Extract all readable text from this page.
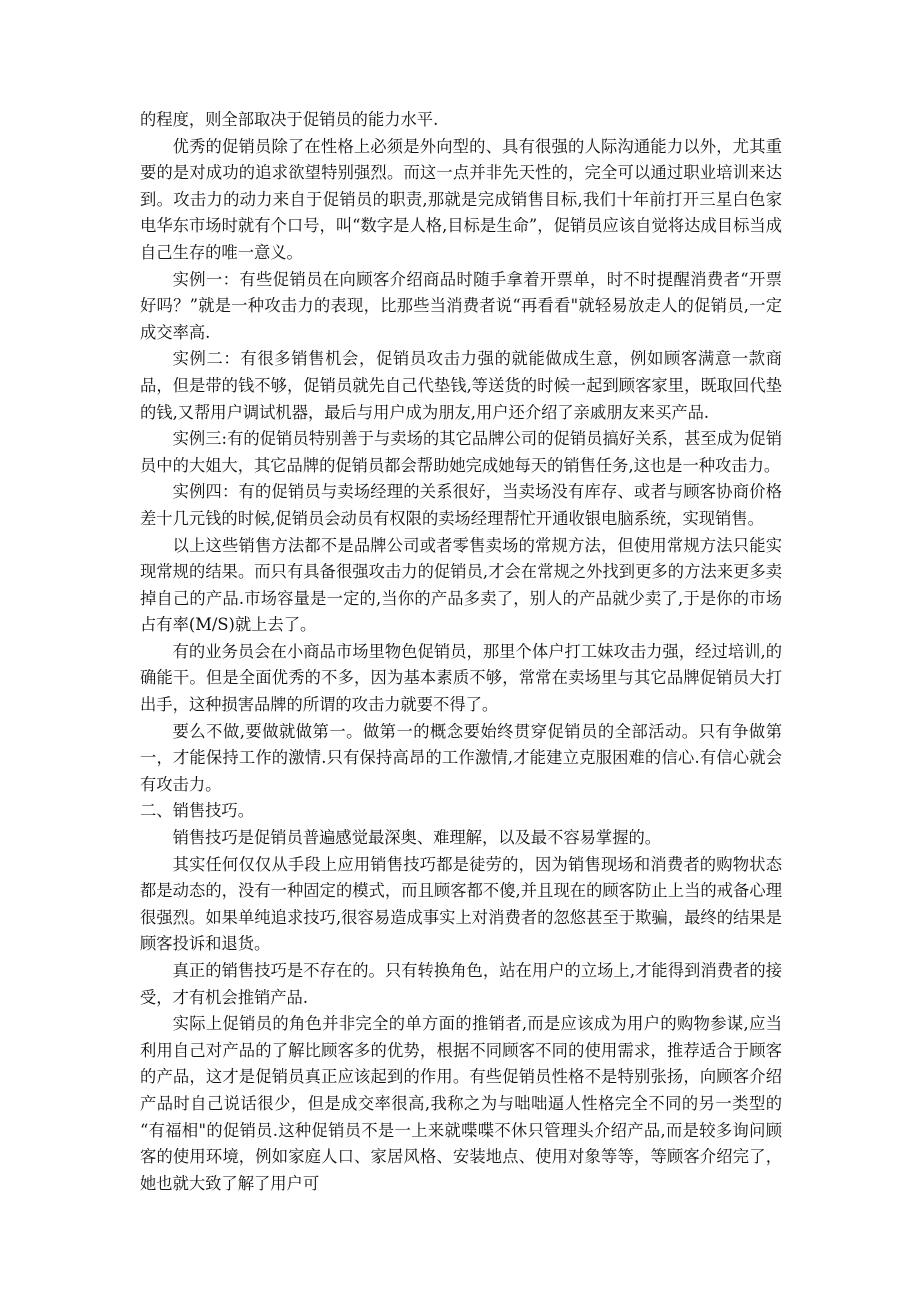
的程度，则全部取决于促销员的能力水平.

优秀的促销员除了在性格上必须是外向型的、具有很强的人际沟通能力以外，尤其重要的是对成功的追求欲望特别强烈。而这一点并非先天性的，完全可以通过职业培训来达到。攻击力的动力来自于促销员的职责,那就是完成销售目标,我们十年前打开三星白色家电华东市场时就有个口号，叫“数字是人格,目标是生命”，促销员应该自觉将达成目标当成自己生存的唯一意义。

实例一：有些促销员在向顾客介绍商品时随手拿着开票单，时不时提醒消费者“开票好吗？”就是一种攻击力的表现，比那些当消费者说“再看看"就轻易放走人的促销员,一定成交率高.

实例二：有很多销售机会，促销员攻击力强的就能做成生意，例如顾客满意一款商品，但是带的钱不够，促销员就先自己代垫钱,等送货的时候一起到顾客家里，既取回代垫的钱,又帮用户调试机器，最后与用户成为朋友,用户还介绍了亲戚朋友来买产品.

实例三:有的促销员特别善于与卖场的其它品牌公司的促销员搞好关系，甚至成为促销员中的大姐大，其它品牌的促销员都会帮助她完成她每天的销售任务,这也是一种攻击力。

实例四：有的促销员与卖场经理的关系很好，当卖场没有库存、或者与顾客协商价格差十几元钱的时候,促销员会动员有权限的卖场经理帮忙开通收银电脑系统，实现销售。

以上这些销售方法都不是品牌公司或者零售卖场的常规方法，但使用常规方法只能实现常规的结果。而只有具备很强攻击力的促销员,才会在常规之外找到更多的方法来更多卖掉自己的产品.市场容量是一定的,当你的产品多卖了，别人的产品就少卖了,于是你的市场占有率(M/S)就上去了。

有的业务员会在小商品市场里物色促销员，那里个体户打工妹攻击力强，经过培训,的确能干。但是全面优秀的不多，因为基本素质不够，常常在卖场里与其它品牌促销员大打出手，这种损害品牌的所谓的攻击力就要不得了。

要么不做,要做就做第一。做第一的概念要始终贯穿促销员的全部活动。只有争做第一，才能保持工作的激情.只有保持高昂的工作激情,才能建立克服困难的信心.有信心就会有攻击力。

二、销售技巧。

销售技巧是促销员普遍感觉最深奥、难理解，以及最不容易掌握的。

其实任何仅仅从手段上应用销售技巧都是徒劳的，因为销售现场和消费者的购物状态都是动态的，没有一种固定的模式，而且顾客都不傻,并且现在的顾客防止上当的戒备心理很强烈。如果单纯追求技巧,很容易造成事实上对消费者的忽悠甚至于欺骗，最终的结果是顾客投诉和退货。

真正的销售技巧是不存在的。只有转换角色，站在用户的立场上,才能得到消费者的接受，才有机会推销产品.

实际上促销员的角色并非完全的单方面的推销者,而是应该成为用户的购物参谋,应当利用自己对产品的了解比顾客多的优势，根据不同顾客不同的使用需求，推荐适合于顾客的产品，这才是促销员真正应该起到的作用。有些促销员性格不是特别张扬，向顾客介绍产品时自己说话很少，但是成交率很高,我称之为与咄咄逼人性格完全不同的另一类型的 “有福相"的促销员.这种促销员不是一上来就喋喋不休只管理头介绍产品,而是较多询问顾客的使用环境，例如家庭人口、家居风格、安装地点、使用对象等等，等顾客介绍完了，她也就大致了解了用户可
